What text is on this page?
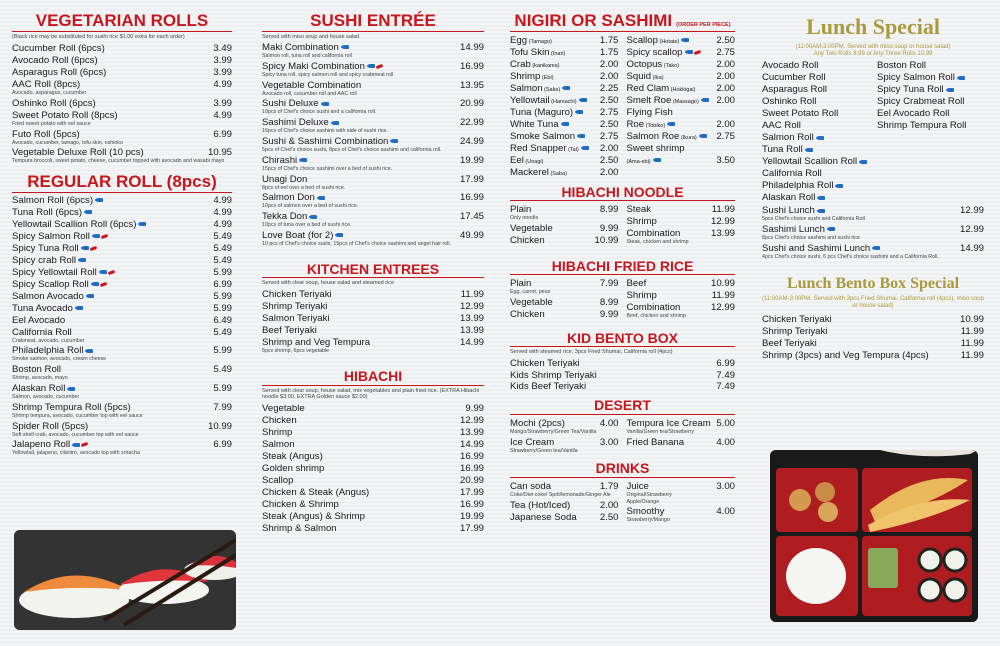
VEGETARIAN ROLLS
(Black rice may be substituted for sushi rice $1.00 extra for each order)
Cucumber Roll (6pcs)	3.49
Avocado Roll (6pcs)	3.99
Asparagus Roll (6pcs)	3.99
AAC Roll (8pcs)	4.99
Avocado, asparagus, cucumber
Oshinko Roll (6pcs)	3.99
Sweet Potato Roll (8pcs)	4.99
Fried sweet potato with eel sauce
Futo Roll (5pcs)	6.99
Avocado, cucumber, tamago, tofu skin, oshinko
Vegetable Deluxe Roll (10 pcs)	10.95
Tempura broccoli, sweet potato, cheese, cucumber topped with avocado and wasabi mayo
REGULAR ROLL (8pcs)
Salmon Roll (6pcs)	4.99
Tuna Roll (6pcs)	4.99
Yellowtail Scallion Roll (6pcs)	4.99
Spicy Salmon Roll	5.49
Spicy Tuna Roll	5.49
Spicy crab Roll	5.49
Spicy Yellowtail Roll	5.99
Spicy Scallop Roll	6.99
Salmon Avocado	5.99
Tuna Avocado	5.99
Eel Avocado	6.49
California Roll	5.49
Crabmeat, avocado, cucumber
Philadelphia Roll	5.99
Smoke salmon, avocado, cream cheese
Boston Roll	5.49
Shrimp, avocado, mayo
Alaskan Roll	5.99
Salmon, avocado, cucumber
Shrimp Tempura Roll (5pcs)	7.99
Shrimp tempura, avocado, cucumber top with eel sauce
Spider Roll (5pcs)	10.99
Soft shell crab, avocado, cucumber top with eel sauce
Jalapeno Roll	6.99
Yellowtail, jalapeno, cilantro, avocado top with sriracha
SUSHI ENTRÉE
Served with miso soup and house salad
Maki Combination	14.99
Salmon roll, tuna roll and california roll
Spicy Maki Combination	16.99
Spicy tuna roll, spicy salmon roll and spicy crabmeat roll
Vegetable Combination	13.95
Avocado roll, cucumber roll and AAC roll
Sushi Deluxe	20.99
10pcs of Chef's choice sushi and a california roll.
Sashimi Deluxe	22.99
16pcs of Chef's choice sashimi with side of sushi rice.
Sushi & Sashimi Combination	24.99
5pcs of Chef's choice sushi, 8pcs of Chef's choice sashimi and california roll.
Chirashi	19.99
15pcs of Chef's choice sashimi over a bed of sushi rice.
Unagi Don	17.99
8pcs of eel over a bed of sushi rice.
Salmon Don	16.99
10pcs of salmon over a bed of sushi rice.
Tekka Don	17.45
10pcs of tuna over a bed of sushi rice.
Love Boat (for 2)	49.99
10 pcs of Chef's choice sushi, 15pcs of Chef's choice sashimi and angel hair roll.
KITCHEN ENTREES
Served with clear soup, house salad and steamed rice
Chicken Teriyaki	11.99
Shrimp Teriyaki	12.99
Salmon Teriyaki	13.99
Beef Teriyaki	13.99
Shrimp and Veg Tempura	14.99
5pcs shrimp, 6pcs vegetable
HIBACHI
Served with clear soup, house salad, mix vegetables and plain fried rice. (EXTRA Hibachi noodle $3.00, EXTRA Golden sauce $2.00)
Vegetable	9.99
Chicken	12.99
Shrimp	13.99
Salmon	14.99
Steak (Angus)	16.99
Golden shrimp	16.99
Scallop	20.99
Chicken & Steak (Angus)	17.99
Chicken & Shrimp	16.99
Steak (Angus) & Shrimp	19.99
Shrimp & Salmon	17.99
NIGIRI OR SASHIMI (ORDER PER PIECE)
Egg (Tamago)	1.75
Tofu Skin (Inari)	1.75
Crab (kanikama)	2.00
Shrimp (Ebi)	2.00
Salmon (Sake)	2.25
Yellowtail (Hamachi)	2.50
Tuna (Maguro)	2.75
White Tuna	2.50
Smoke Salmon	2.75
Red Snapper (Tai)	2.00
Eel (Unagi)	2.50
Mackerel (Saba)	2.00
Scallop (Hotate)	2.50
Spicy scallop	2.75
Octopus (Tako)	2.00
Squid (Ika)	2.00
Red Clam (Hokkigai) 2.00
Smelt Roe (Massago)	2.00
Flying Fish
Roe (Tobiko)	2.00
Salmon Roe (Ikura)	2.75
Sweet shrimp
(Ama-ebi)	3.50
HIBACHI NOODLE
Plain	8.99
Only noodle
Vegetable	9.99
Chicken	10.99
Steak	11.99
Shrimp	12.99
Combination	13.99
Steak, chicken and shrimp
HIBACHI FRIED RICE
Plain	7.99
Egg, carrot, peas
Vegetable	8.99
Chicken	9.99
Beef	10.99
Shrimp	11.99
Combination	12.99
Beef, chicken and shrimp
KID BENTO BOX
Served with steamed rice, 3pcs Fried Shumai, California roll (4pcs)
Chicken Teriyaki	6.99
Kids Shrimp Teriyaki	7.49
Kids Beef Teriyaki	7.49
DESERT
Mochi (2pcs)	4.00
Mango/Strawberry/Green Tea/Vanilla
Ice Cream	3.00
Strawberry/Green tea/Vanilla
Tempura Ice Cream 5.00
Vanilla/Green tea/Strawberry
Fried Banana	4.00
DRINKS
Can soda	1.79
Coke/Diet coke/ Sprit/lemonade/Ginger Ale
Tea (Hot/Iced)	2.00
Japanese Soda 2.50
Juice	3.00
Original/Strawberry
Apple/Orange
Smoothy	4.00
Strawberry/Mango
Lunch Special
(11:00AM-3:00PM. Served with miso soup or house salad)
Any Two Rolls 8.99 or Any Three Rolls 10.99
Avocado Roll
Cucumber Roll
Asparagus Roll
Oshinko Roll
Sweet Potato Roll
AAC Roll
Salmon Roll
Tuna Roll
Yellowtail Scallion Roll
California Roll
Philadelphia Roll
Alaskan Roll
Boston Roll
Spicy Salmon Roll
Spicy Tuna Roll
Spicy Crabmeat Roll
Eel Avocado Roll
Shrimp Tempura Roll
Sushi Lunch	12.99
5pcs Chef's choice sushi and California Roll
Sashimi Lunch	12.99
8pcs Chef's choice sashimi and sushi rice
Sushi and Sashimi Lunch	14.99
4pcs Chef's choice sushi, 6 pcs Chef's choice sashimi and a California Roll.
Lunch Bento Box Special
(11:00AM-3:00PM. Served with 3pcs Fried Shumai, California roll (4pcs), miso soup or house salad)
Chicken Teriyaki	10.99
Shrimp Teriyaki	11.99
Beef Teriyaki	11.99
Shrimp (3pcs) and Veg Tempura (4pcs)	11.99
